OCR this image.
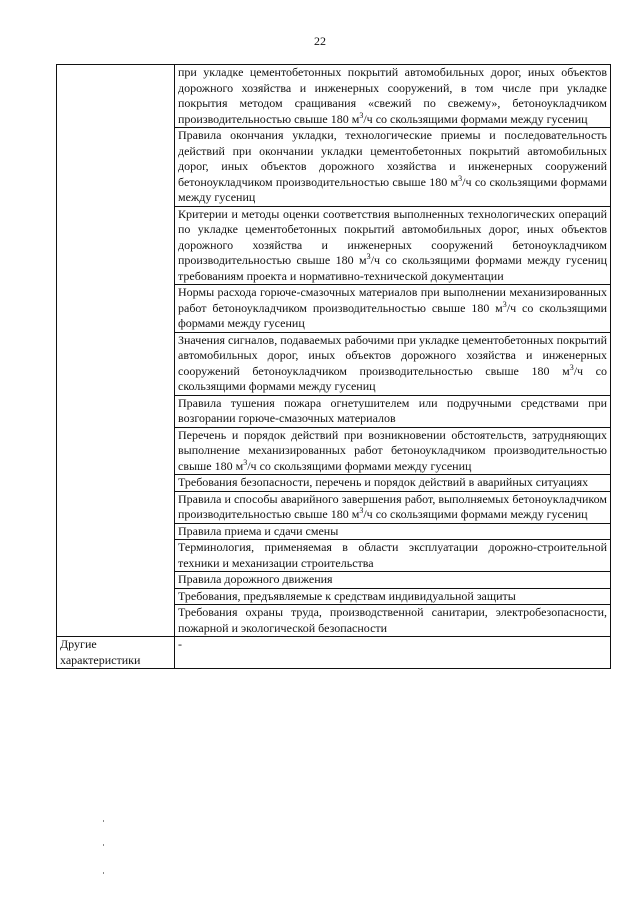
22
	при укладке цементобетонных покрытий автомобильных дорог, иных объектов дорожного хозяйства и инженерных сооружений, в том числе при укладке покрытия методом сращивания «свежий по свежему», бетоноукладчиком производительностью свыше 180 $м^3/ч$ со скользящими формами между гусениц
	Правила окончания укладки, технологические приемы и последовательность действий при окончании укладки цементобетонных покрытий автомобильных дорог, иных объектов дорожного хозяйства и инженерных сооружений бетоноукладчиком производительностью свыше 180 $м^3/ч$ со скользящими формами между гусениц
	Критерии и методы оценки соответствия выполненных технологических операций по укладке цементобетонных покрытий автомобильных дорог, иных объектов дорожного хозяйства и инженерных сооружений бетоноукладчиком производительностью свыше 180 $м^3/ч$ со скользящими формами между гусениц требованиям проекта и нормативно-технической документации
	Нормы расхода горюче-смазочных материалов при выполнении механизированных работ бетоноукладчиком производительностью свыше 180 $м^3/ч$ со скользящими формами между гусениц
	Значения сигналов, подаваемых рабочими при укладке цементобетонных покрытий автомобильных дорог, иных объектов дорожного хозяйства и инженерных сооружений бетоноукладчиком производительностью свыше 180 $м^3/ч$ со скользящими формами между гусениц
	Правила тушения пожара огнетушителем или подручными средствами при возгорании горюче-смазочных материалов
	Перечень и порядок действий при возникновении обстоятельств, затрудняющих выполнение механизированных работ бетоноукладчиком производительностью свыше 180 $м^3/ч$ со скользящими формами между гусениц
	Требования безопасности, перечень и порядок действий в аварийных ситуациях
	Правила и способы аварийного завершения работ, выполняемых бетоноукладчиком производительностью свыше 180 $м^3/ч$ со скользящими формами между гусениц
	Правила приема и сдачи смены
	Терминология, применяемая в области эксплуатации дорожно-строительной техники и механизации строительства
	Правила дорожного движения
	Требования, предъявляемые к средствам индивидуальной защиты
	Требования охраны труда, производственной санитарии, электробезопасности, пожарной и экологической безопасности
Другие характеристики	-
